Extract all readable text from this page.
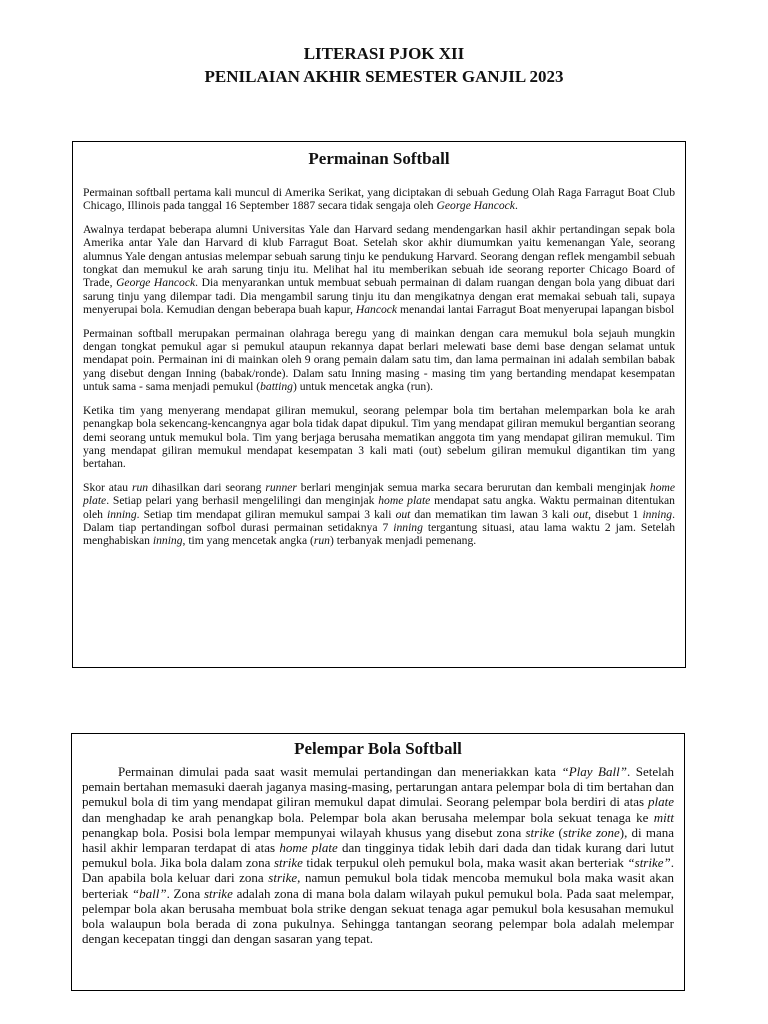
LITERASI PJOK XII
PENILAIAN AKHIR SEMESTER GANJIL 2023
Permainan Softball

Permainan softball pertama kali muncul di Amerika Serikat, yang diciptakan di sebuah Gedung Olah Raga Farragut Boat Club Chicago, Illinois pada tanggal 16 September 1887 secara tidak sengaja oleh George Hancock.

Awalnya terdapat beberapa alumni Universitas Yale dan Harvard sedang mendengarkan hasil akhir pertandingan sepak bola Amerika antar Yale dan Harvard di klub Farragut Boat. Setelah skor akhir diumumkan yaitu kemenangan Yale, seorang alumnus Yale dengan antusias melempar sebuah sarung tinju ke pendukung Harvard. Seorang dengan reflek mengambil sebuah tongkat dan memukul ke arah sarung tinju itu. Melihat hal itu memberikan sebuah ide seorang reporter Chicago Board of Trade, George Hancock. Dia menyarankan untuk membuat sebuah permainan di dalam ruangan dengan bola yang dibuat dari sarung tinju yang dilempar tadi. Dia mengambil sarung tinju itu dan mengikatnya dengan erat memakai sebuah tali, supaya menyerupai bola. Kemudian dengan beberapa buah kapur, Hancock menandai lantai Farragut Boat menyerupai lapangan bisbol

Permainan softball merupakan permainan olahraga beregu yang di mainkan dengan cara memukul bola sejauh mungkin dengan tongkat pemukul agar si pemukul ataupun rekannya dapat berlari melewati base demi base dengan selamat untuk mendapat poin. Permainan ini di mainkan oleh 9 orang pemain dalam satu tim, dan lama permainan ini adalah sembilan babak yang disebut dengan Inning (babak/ronde). Dalam satu Inning masing - masing tim yang bertanding mendapat kesempatan untuk sama - sama menjadi pemukul (batting) untuk mencetak angka (run).

Ketika tim yang menyerang mendapat giliran memukul, seorang pelempar bola tim bertahan melemparkan bola ke arah penangkap bola sekencang-kencangnya agar bola tidak dapat dipukul. Tim yang mendapat giliran memukul bergantian seorang demi seorang untuk memukul bola. Tim yang berjaga berusaha mematikan anggota tim yang mendapat giliran memukul. Tim yang mendapat giliran memukul mendapat kesempatan 3 kali mati (out) sebelum giliran memukul digantikan tim yang bertahan.

Skor atau run dihasilkan dari seorang runner berlari menginjak semua marka secara berurutan dan kembali menginjak home plate. Setiap pelari yang berhasil mengelilingi dan menginjak home plate mendapat satu angka. Waktu permainan ditentukan oleh inning. Setiap tim mendapat giliran memukul sampai 3 kali out dan mematikan tim lawan 3 kali out, disebut 1 inning. Dalam tiap pertandingan sofbol durasi permainan setidaknya 7 inning tergantung situasi, atau lama waktu 2 jam. Setelah menghabiskan inning, tim yang mencetak angka (run) terbanyak menjadi pemenang.

Pelempar Bola Softball

Permainan dimulai pada saat wasit memulai pertandingan dan meneriakkan kata “Play Ball”. Setelah pemain bertahan memasuki daerah jaganya masing-masing, pertarungan antara pelempar bola di tim bertahan dan pemukul bola di tim yang mendapat giliran memukul dapat dimulai. Seorang pelempar bola berdiri di atas plate dan menghadap ke arah penangkap bola. Pelempar bola akan berusaha melempar bola sekuat tenaga ke mitt penangkap bola. Posisi bola lempar mempunyai wilayah khusus yang disebut zona strike (strike zone), di mana hasil akhir lemparan terdapat di atas home plate dan tingginya tidak lebih dari dada dan tidak kurang dari lutut pemukul bola. Jika bola dalam zona strike tidak terpukul oleh pemukul bola, maka wasit akan berteriak “strike”. Dan apabila bola keluar dari zona strike, namun pemukul bola tidak mencoba memukul bola maka wasit akan berteriak “ball”. Zona strike adalah zona di mana bola dalam wilayah pukul pemukul bola. Pada saat melempar, pelempar bola akan berusaha membuat bola strike dengan sekuat tenaga agar pemukul bola kesusahan memukul bola walaupun bola berada di zona pukulnya. Sehingga tantangan seorang pelempar bola adalah melempar dengan kecepatan tinggi dan dengan sasaran yang tepat.
